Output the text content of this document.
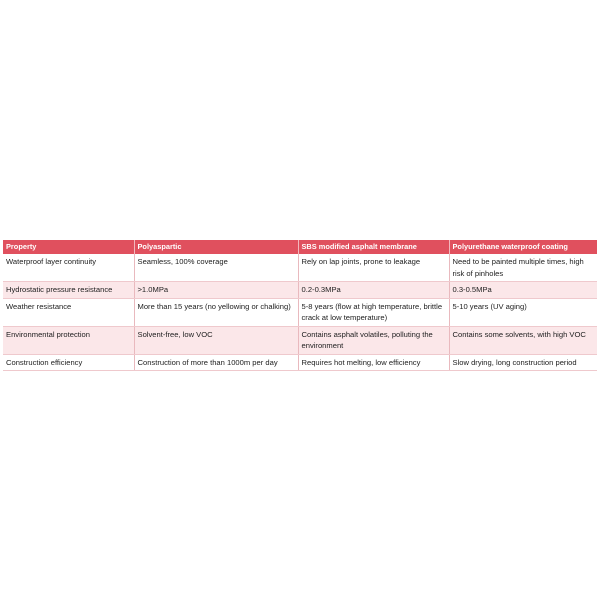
Property	Polyaspartic	SBS modified asphalt membrane	Polyurethane waterproof coating
Waterproof layer continuity	Seamless, 100% coverage	Rely on lap joints, prone to leakage	Need to be painted multiple times, high risk of pinholes
Hydrostatic pressure resistance	>1.0MPa	0.2-0.3MPa	0.3-0.5MPa
Weather resistance	More than 15 years (no yellowing or chalking)	5-8 years (flow at high temperature, brittle crack at low temperature)	5-10 years (UV aging)
Environmental protection	Solvent-free, low VOC	Contains asphalt volatiles, polluting the environment	Contains some solvents, with high VOC
Construction efficiency	Construction of more than 1000m per day	Requires hot melting, low efficiency	Slow drying, long construction period
